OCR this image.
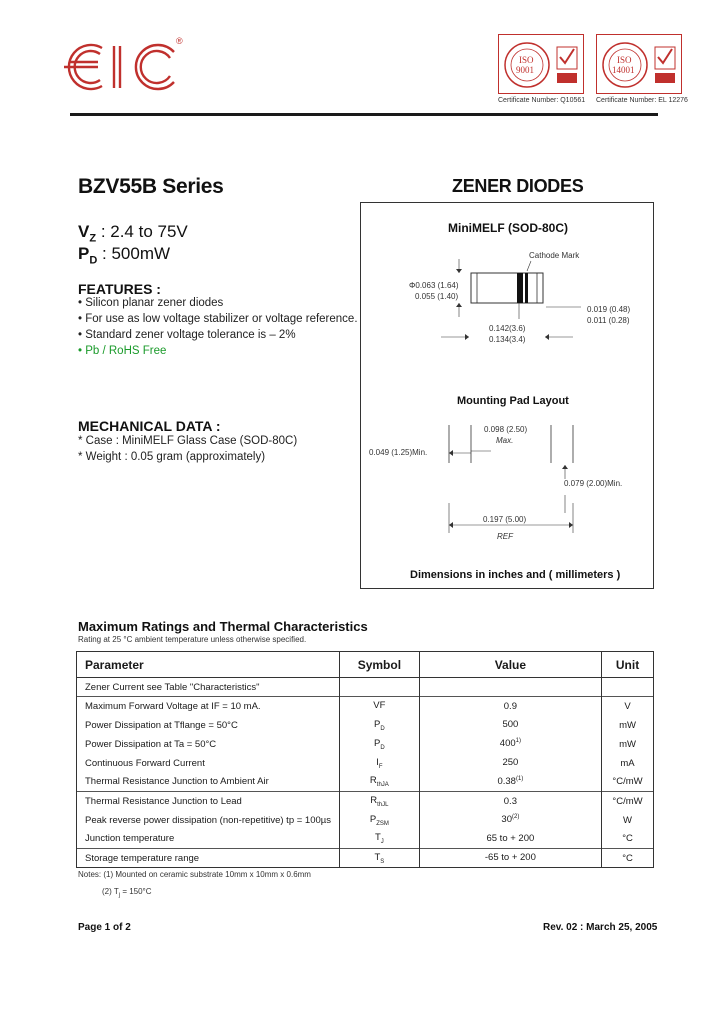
®
ISO
9001
ISO
14001
Certificate Number: Q10561 Certificate Number: EL 12276
BZV55B Series	ZENER DIODES
$V_Z$ : 2.4 to 75V
$P_D$ : 500mW
FEATURES :
• Silicon planar zener diodes
• For use as low voltage stabilizer or voltage reference.
• Standard zener voltage tolerance is – 2%
• Pb / RoHS Free
MECHANICAL DATA :
* Case : MiniMELF Glass Case (SOD-80C)
* Weight : 0.05 gram (approximately)
MiniMELF (SOD-80C)
Cathode Mark
Φ0.063 (1.64)
0.055 (1.40)
0.019 (0.48)
0.011 (0.28)
0.142(3.6)
0.134(3.4)
Mounting Pad Layout
0.098 (2.50)
Max.
0.049 (1.25)Min.
0.079 (2.00)Min.
0.197 (5.00)
REF
Dimensions in inches and ( millimeters )
Maximum Ratings and Thermal Characteristics
Rating at 25 °C ambient temperature unless otherwise specified.
Parameter	Symbol	Value	Unit
Zener Current see Table "Characteristics"			
Maximum Forward Voltage at IF = 10 mA.	VF	0.9	V
Power Dissipation at Tflange = 50°C	$P_D$	500	mW
Power Dissipation at Ta = 50°C	$P_D$	400$^{1)}$	mW
Continuous Forward Current	$I_F$	250	mA
Thermal Resistance Junction to Ambient Air	$R_{thJA}$	0.38$^{(1)}$	°C/mW
Thermal Resistance Junction to Lead	$R_{thJL}$	0.3	°C/mW
Peak reverse power dissipation (non-repetitive) tp = 100µs	$P_{ZSM}$	30$^{(2)}$	W
Junction temperature	$T_J$	65 to + 200	°C
Storage temperature range	$T_S$	-65 to + 200	°C
Notes: (1) Mounted on ceramic substrate 10mm x 10mm x 0.6mm
(2) $T_j = 150^\circ C$
Page 1 of 2	Rev. 02 : March 25, 2005
